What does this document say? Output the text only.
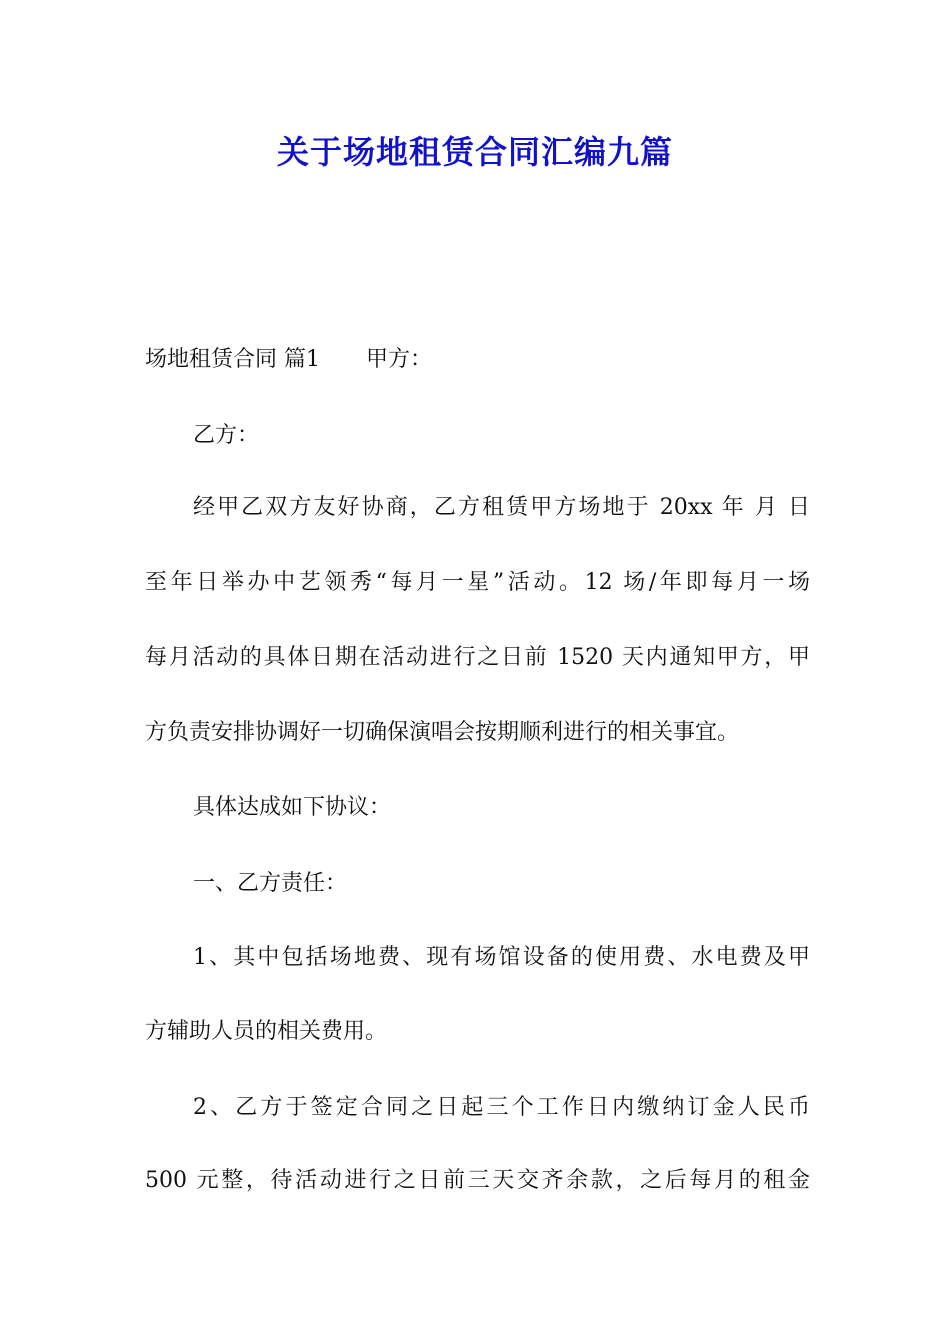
关于场地租赁合同汇编九篇
场地租赁合同 篇1 甲方：
乙方：
经甲乙双方友好协商，乙方租赁甲方场地于 20xx 年 月 日
至年日举办中艺领秀“每月一星”活动。12 场/年即每月一场
每月活动的具体日期在活动进行之日前 1520 天内通知甲方，甲
方负责安排协调好一切确保演唱会按期顺利进行的相关事宜。
具体达成如下协议：
一、乙方责任：
1、其中包括场地费、现有场馆设备的使用费、水电费及甲
方辅助人员的相关费用。
2、乙方于签定合同之日起三个工作日内缴纳订金人民币
500 元整，待活动进行之日前三天交齐余款，之后每月的租金
